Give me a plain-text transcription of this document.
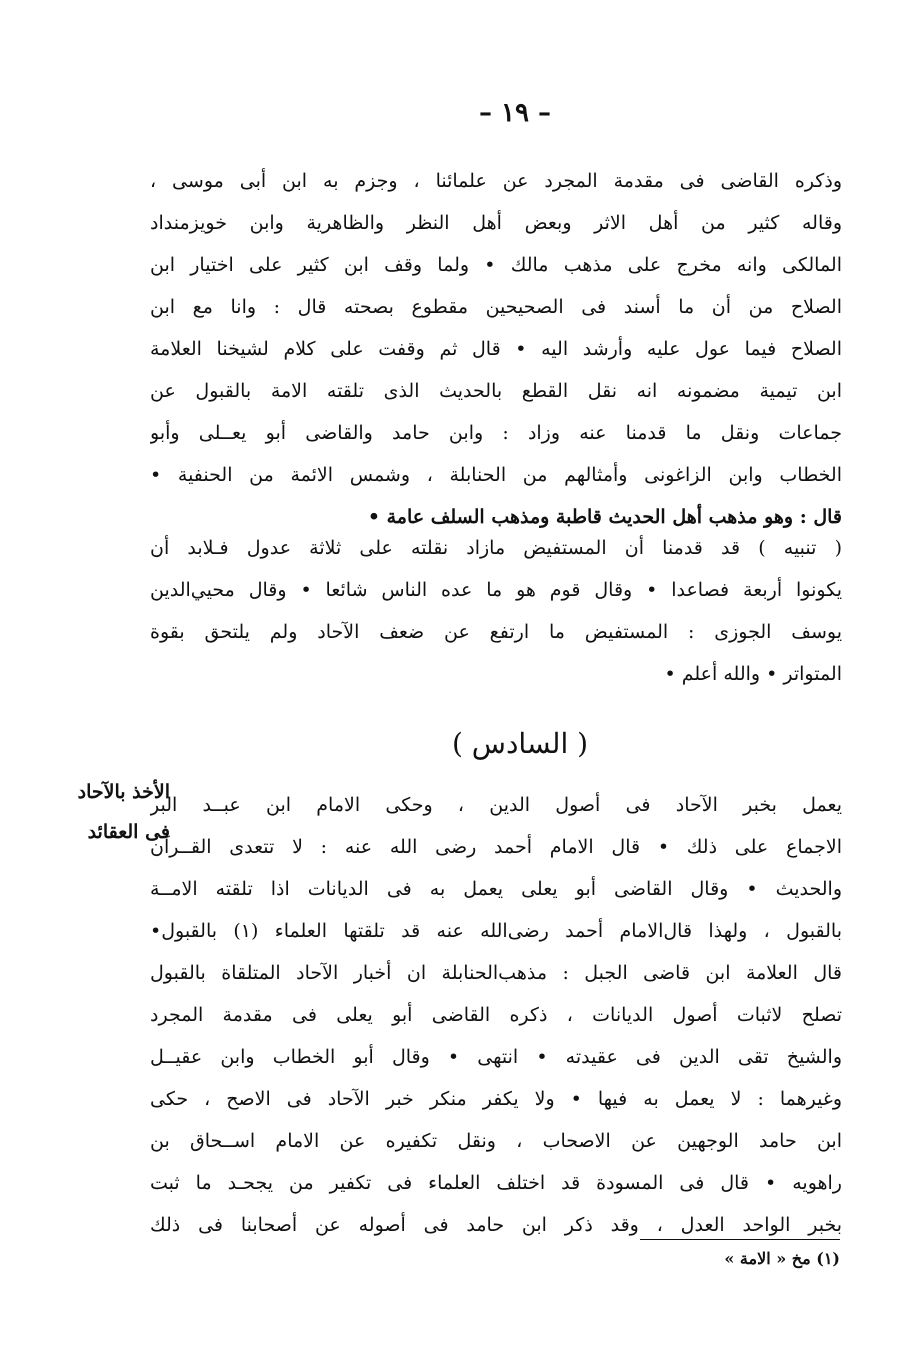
– ١٩ –
وذكره القاضى فى مقدمة المجرد عن علمائنا ، وجزم به ابن أبى موسى ،
وقاله كثير من أهل الاثر وبعض أهل النظر والظاهرية وابن خويزمنداد
المالكى وانه مخرج على مذهب مالك • ولما وقف ابن كثير على اختيار ابن
الصلاح من أن ما أسند فى الصحيحين مقطوع بصحته قال : وانا مع ابن
الصلاح فيما عول عليه وأرشد اليه • قال ثم وقفت على كلام لشيخنا العلامة
ابن تيمية مضمونه انه نقل القطع بالحديث الذى تلقته الامة بالقبول عن
جماعات ونقل ما قدمنا عنه وزاد : وابن حامد والقاضى أبو يعــلى وأبو
الخطاب وابن الزاغونى وأمثالهم من الحنابلة ، وشمس الائمة من الحنفية •
قال : وهو مذهب أهل الحديث قاطبة ومذهب السلف عامة •
( تنبيه ) قد قدمنا أن المستفيض مازاد نقلته على ثلاثة عدول فـلابد أن
يكونوا أربعة فصاعدا • وقال قوم هو ما عده الناس شائعا • وقال محيي‌الدين
يوسف الجوزى : المستفيض ما ارتفع عن ضعف الآحاد ولم يلتحق بقوة
المتواتر • والله أعلم •
( السادس )
الأخذ بالآحاد
فى العقائد
يعمل بخبر الآحاد فى أصول الدين ، وحكى الامام ابن عبــد البر
الاجماع على ذلك • قال الامام أحمد رضى الله عنه : لا تتعدى القــرآن
والحديث • وقال القاضى أبو يعلى يعمل به فى الديانات اذا تلقته الامــة
بالقبول ، ولهذا قال‌الامام أحمد رضى‌الله عنه قد تلقتها العلماء (١) بالقبول•
قال العلامة ابن قاضى الجبل : مذهب‌الحنابلة ان أخبار الآحاد المتلقاة بالقبول
تصلح لاثبات أصول الديانات ، ذكره القاضى أبو يعلى فى مقدمة المجرد
والشيخ تقى الدين فى عقيدته • انتهى • وقال أبو الخطاب وابن عقيــل
وغيرهما : لا يعمل به فيها • ولا يكفر منكر خبر الآحاد فى الاصح ، حكى
ابن حامد الوجهين عن الاصحاب ، ونقل تكفيره عن الامام اســحاق بن
راهويه • قال فى المسودة قد اختلف العلماء فى تكفير من يجحـد ما ثبت
بخبر الواحد العدل ، وقد ذكر ابن حامد فى أصوله عن أصحابنا فى ذلك
(١) مخ « الامة »
